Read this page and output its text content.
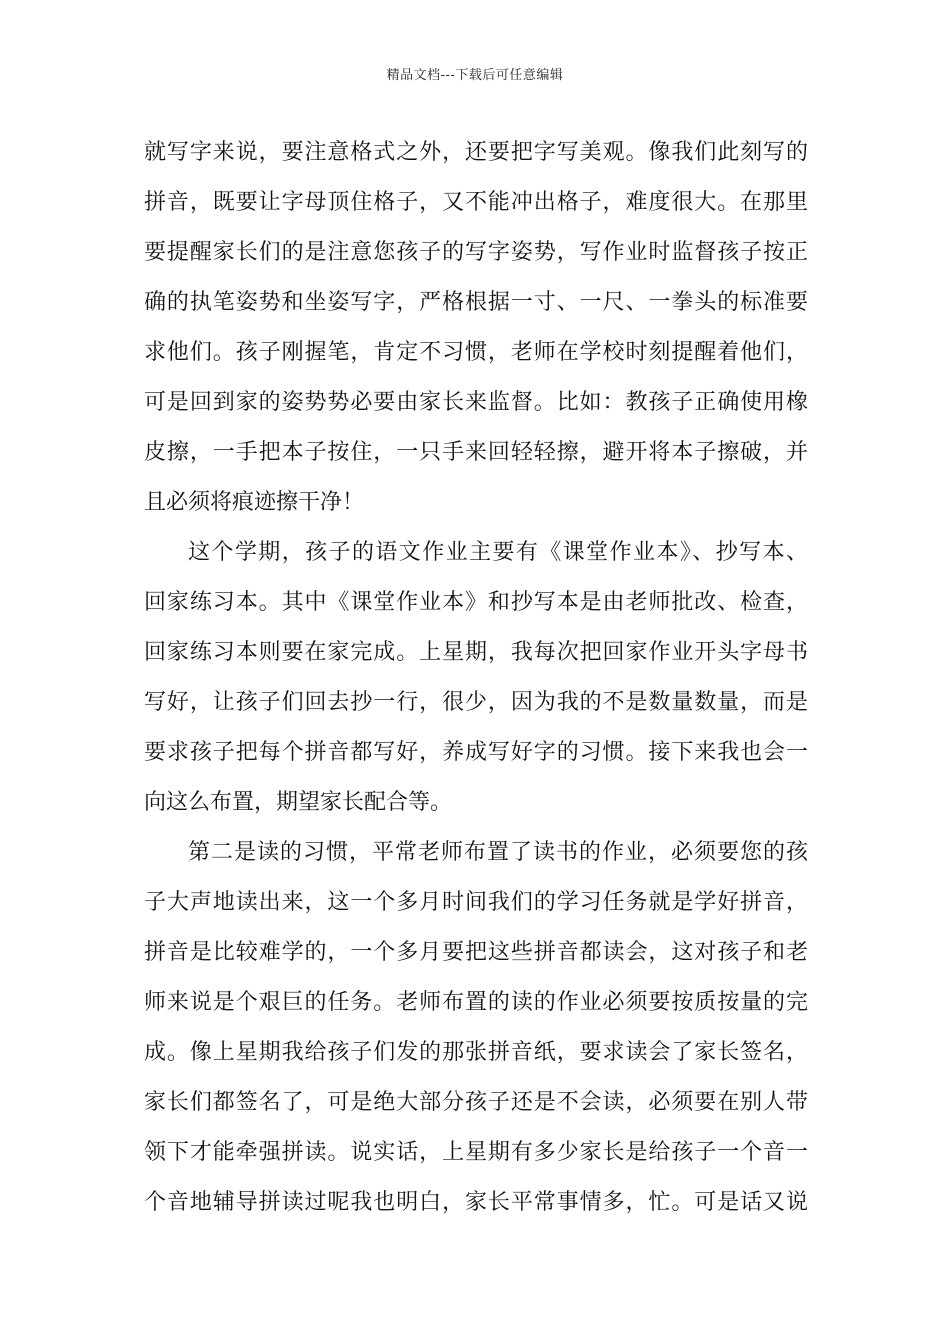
精品文档---下载后可任意编辑
就写字来说，要注意格式之外，还要把字写美观。像我们此刻写的
拼音，既要让字母顶住格子，又不能冲出格子，难度很大。在那里
要提醒家长们的是注意您孩子的写字姿势，写作业时监督孩子按正
确的执笔姿势和坐姿写字，严格根据一寸、一尺、一拳头的标准要
求他们。孩子刚握笔，肯定不习惯，老师在学校时刻提醒着他们，
可是回到家的姿势势必要由家长来监督。比如：教孩子正确使用橡
皮擦，一手把本子按住，一只手来回轻轻擦，避开将本子擦破，并
且必须将痕迹擦干净！
这个学期，孩子的语文作业主要有《课堂作业本》、抄写本、
回家练习本。其中《课堂作业本》和抄写本是由老师批改、检查，
回家练习本则要在家完成。上星期，我每次把回家作业开头字母书
写好，让孩子们回去抄一行，很少，因为我的不是数量数量，而是
要求孩子把每个拼音都写好，养成写好字的习惯。接下来我也会一
向这么布置，期望家长配合等。
第二是读的习惯，平常老师布置了读书的作业，必须要您的孩
子大声地读出来，这一个多月时间我们的学习任务就是学好拼音，
拼音是比较难学的，一个多月要把这些拼音都读会，这对孩子和老
师来说是个艰巨的任务。老师布置的读的作业必须要按质按量的完
成。像上星期我给孩子们发的那张拼音纸，要求读会了家长签名，
家长们都签名了，可是绝大部分孩子还是不会读，必须要在别人带
领下才能牵强拼读。说实话，上星期有多少家长是给孩子一个音一
个音地辅导拼读过呢我也明白，家长平常事情多，忙。可是话又说
